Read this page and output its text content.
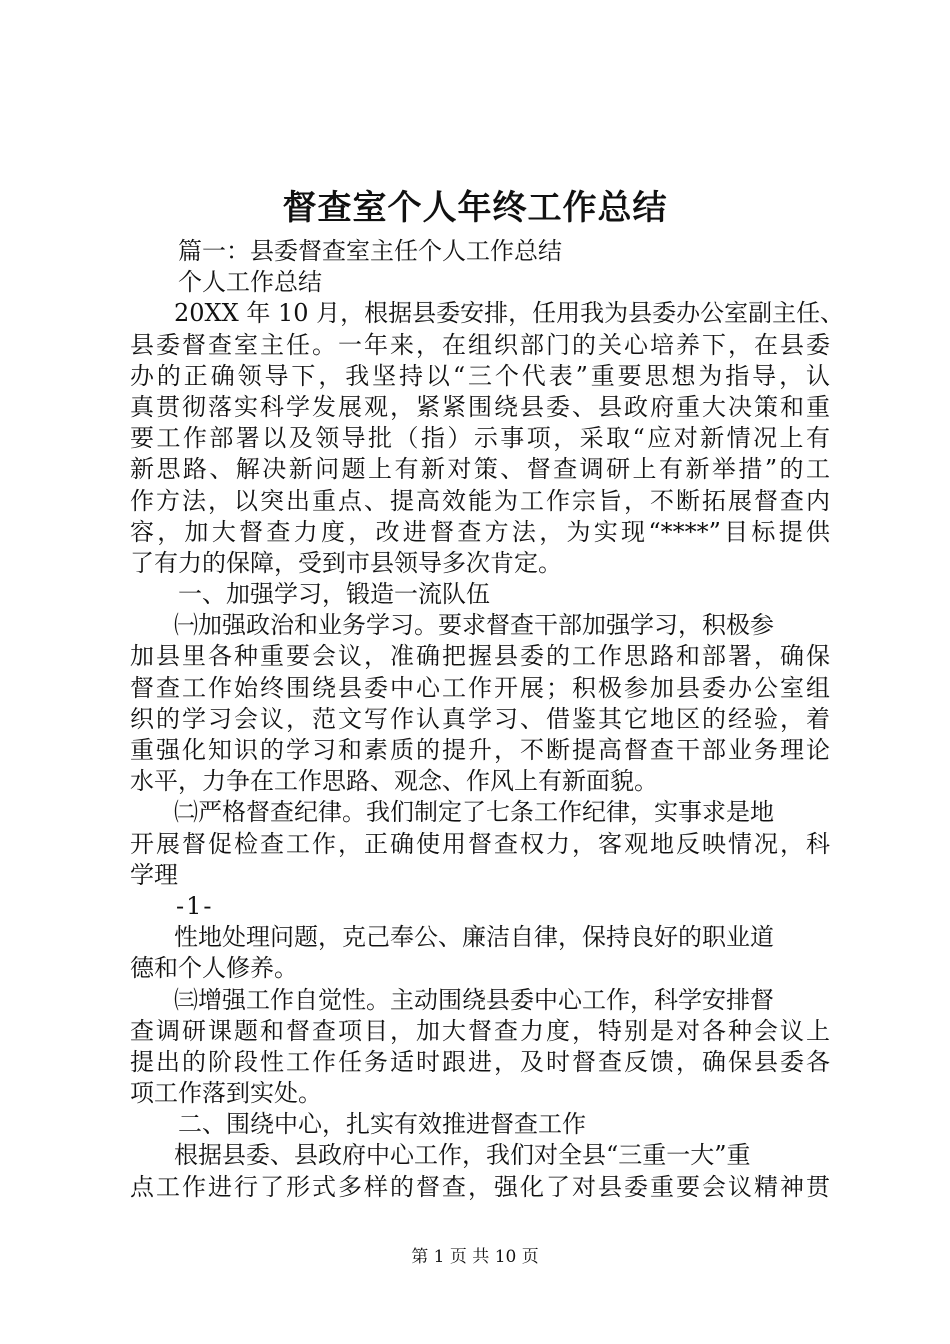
督查室个人年终工作总结
篇一：县委督查室主任个人工作总结
个人工作总结
20XX 年 10 月，根据县委安排，任用我为县委办公室副主任、
县委督查室主任。一年来，在组织部门的关心培养下，在县委
办的正确领导下，我坚持以“三个代表”重要思想为指导，认
真贯彻落实科学发展观，紧紧围绕县委、县政府重大决策和重
要工作部署以及领导批（指）示事项，采取“应对新情况上有
新思路、解决新问题上有新对策、督查调研上有新举措”的工
作方法，以突出重点、提高效能为工作宗旨，不断拓展督查内
容，加大督查力度，改进督查方法，为实现“****”目标提供
了有力的保障，受到市县领导多次肯定。
一、加强学习，锻造一流队伍
㈠加强政治和业务学习。要求督查干部加强学习，积极参
加县里各种重要会议，准确把握县委的工作思路和部署，确保
督查工作始终围绕县委中心工作开展；积极参加县委办公室组
织的学习会议，范文写作认真学习、借鉴其它地区的经验，着
重强化知识的学习和素质的提升，不断提高督查干部业务理论
水平，力争在工作思路、观念、作风上有新面貌。
㈡严格督查纪律。我们制定了七条工作纪律，实事求是地
开展督促检查工作，正确使用督查权力，客观地反映情况，科
学理
-1-
性地处理问题，克己奉公、廉洁自律，保持良好的职业道
德和个人修养。
㈢增强工作自觉性。主动围绕县委中心工作，科学安排督
查调研课题和督查项目，加大督查力度，特别是对各种会议上
提出的阶段性工作任务适时跟进，及时督查反馈，确保县委各
项工作落到实处。
二、围绕中心，扎实有效推进督查工作
根据县委、县政府中心工作，我们对全县“三重一大”重
点工作进行了形式多样的督查，强化了对县委重要会议精神贯
第 1 页 共 10 页
